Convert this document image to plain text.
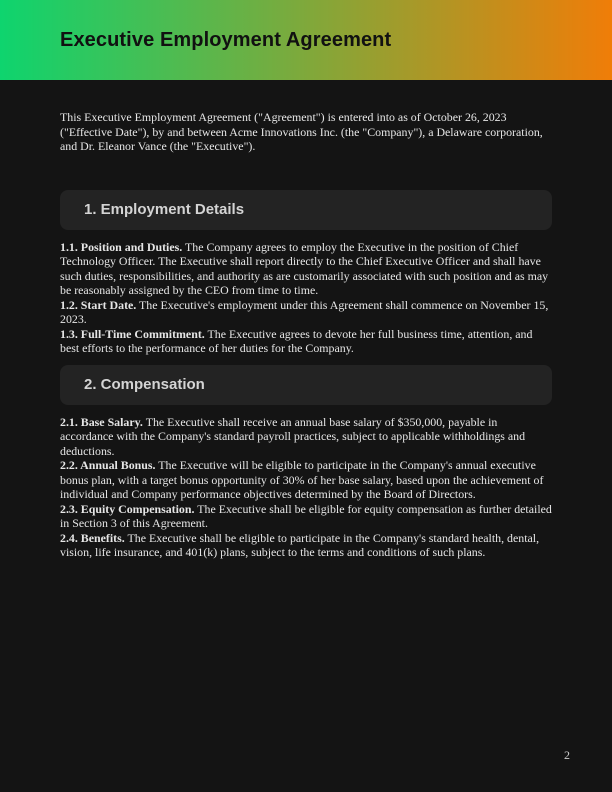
Executive Employment Agreement

This Executive Employment Agreement ("Agreement") is entered into as of October 26, 2023 ("Effective Date"), by and between Acme Innovations Inc. (the "Company"), a Delaware corporation, and Dr. Eleanor Vance (the "Executive").

1. Employment Details

1.1. Position and Duties. The Company agrees to employ the Executive in the position of Chief Technology Officer. The Executive shall report directly to the Chief Executive Officer and shall have such duties, responsibilities, and authority as are customarily associated with such position and as may be reasonably assigned by the CEO from time to time.

1.2. Start Date. The Executive's employment under this Agreement shall commence on November 15, 2023.

1.3. Full-Time Commitment. The Executive agrees to devote her full business time, attention, and best efforts to the performance of her duties for the Company.

2. Compensation

2.1. Base Salary. The Executive shall receive an annual base salary of $350,000, payable in accordance with the Company's standard payroll practices, subject to applicable withholdings and deductions.

2.2. Annual Bonus. The Executive will be eligible to participate in the Company's annual executive bonus plan, with a target bonus opportunity of 30% of her base salary, based upon the achievement of individual and Company performance objectives determined by the Board of Directors.

2.3. Equity Compensation. The Executive shall be eligible for equity compensation as further detailed in Section 3 of this Agreement.

2.4. Benefits. The Executive shall be eligible to participate in the Company's standard health, dental, vision, life insurance, and 401(k) plans, subject to the terms and conditions of such plans.

2
